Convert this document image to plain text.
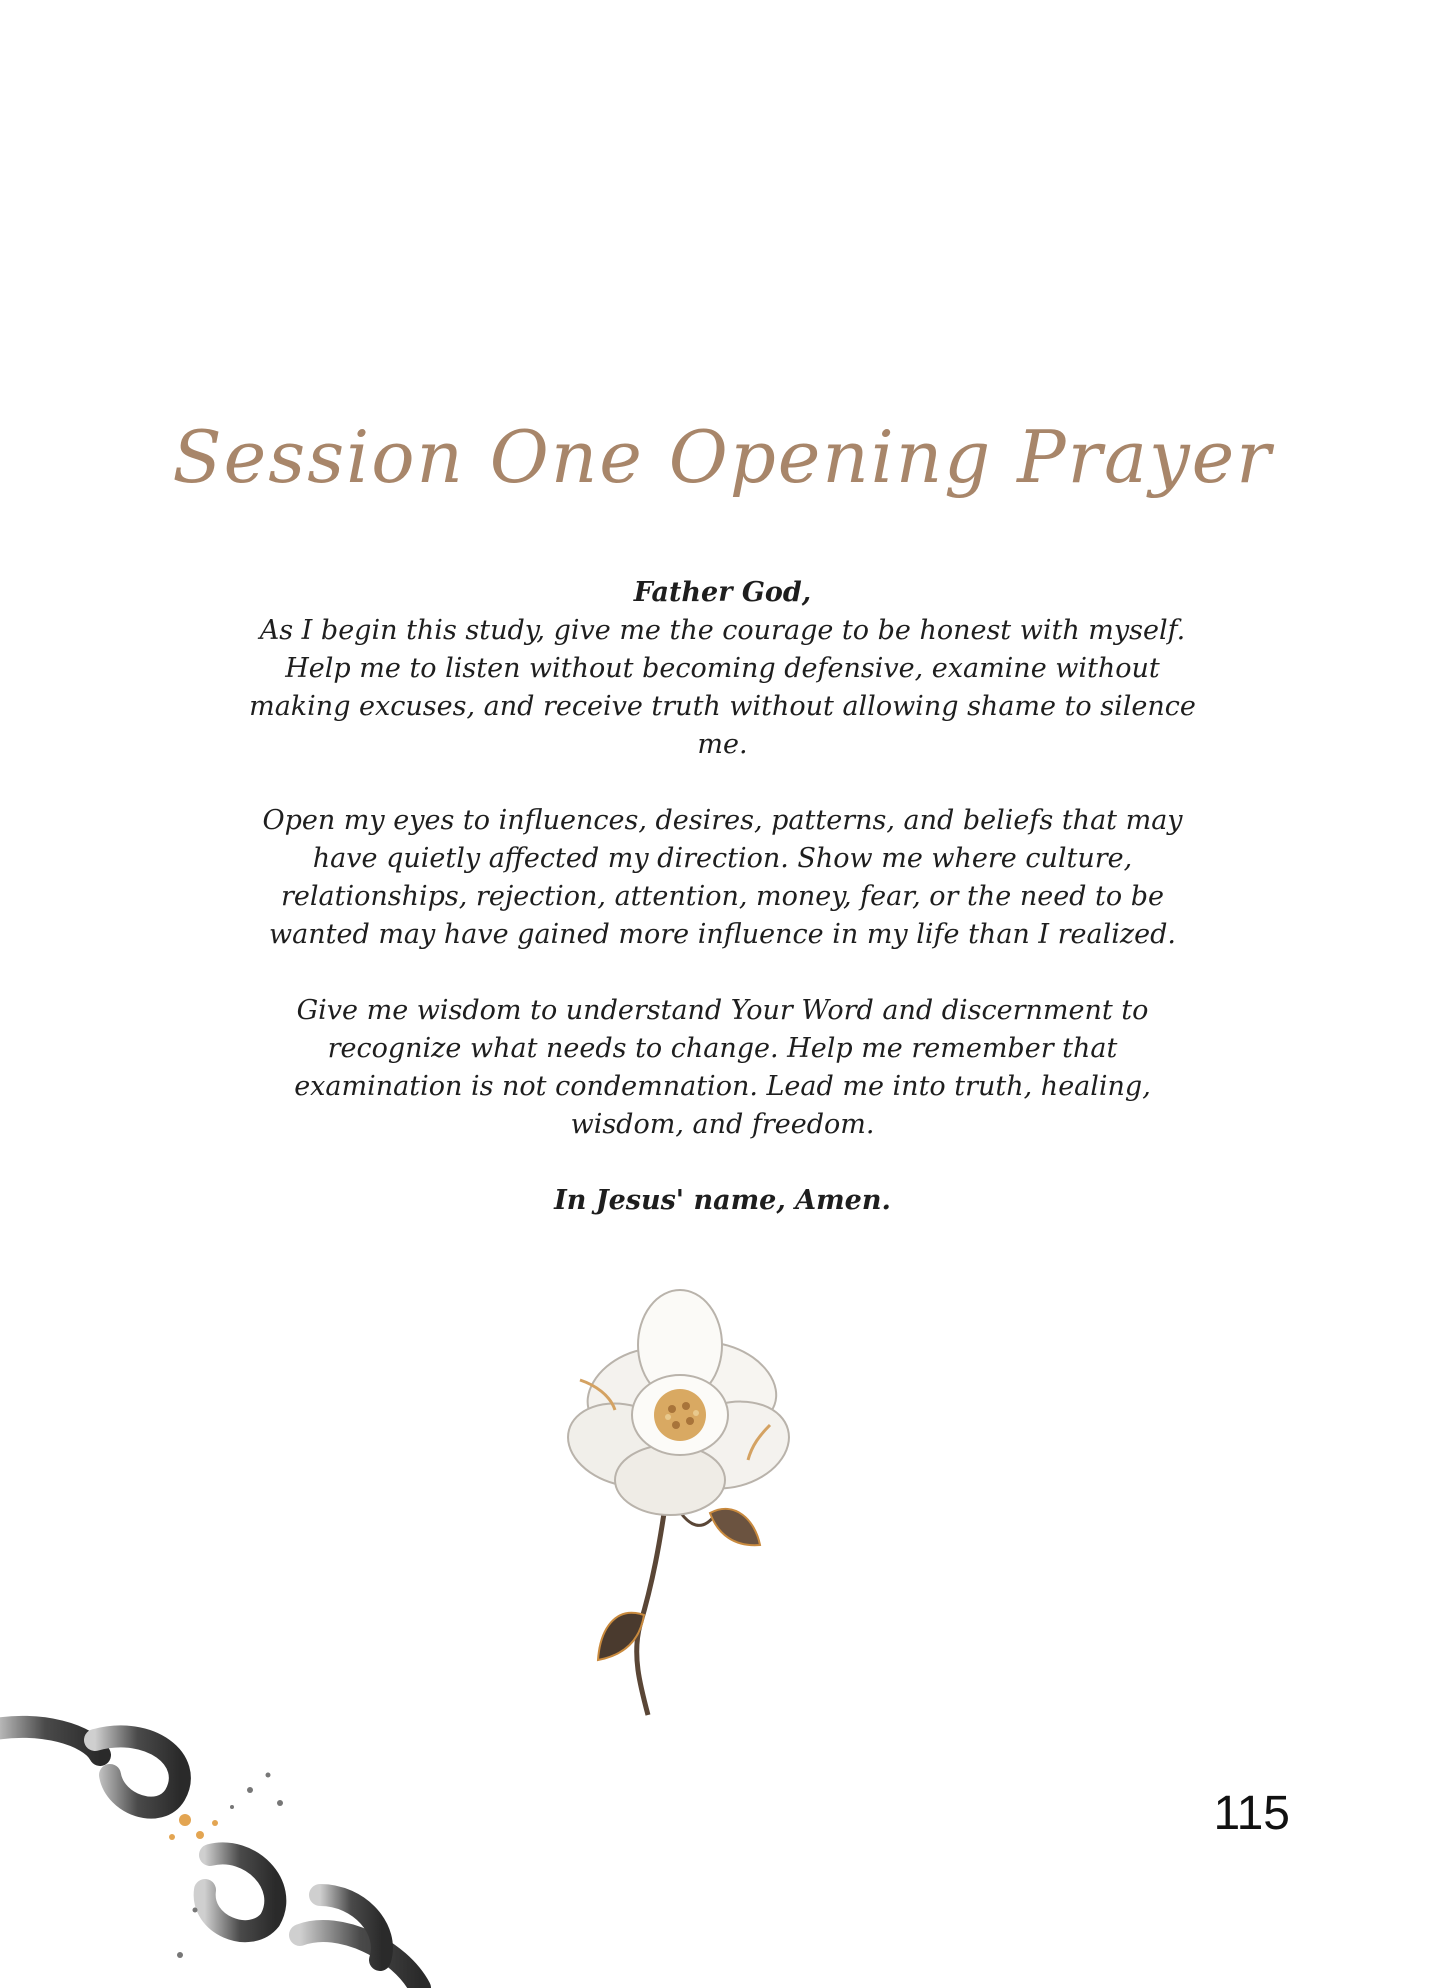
Session One Opening Prayer
Father God,

As I begin this study, give me the courage to be honest with myself. Help me to listen without becoming defensive, examine without making excuses, and receive truth without allowing shame to silence me.

Open my eyes to influences, desires, patterns, and beliefs that may have quietly affected my direction. Show me where culture, relationships, rejection, attention, money, fear, or the need to be wanted may have gained more influence in my life than I realized.

Give me wisdom to understand Your Word and discernment to recognize what needs to change. Help me remember that examination is not condemnation. Lead me into truth, healing, wisdom, and freedom.

In Jesus' name, Amen.
115
